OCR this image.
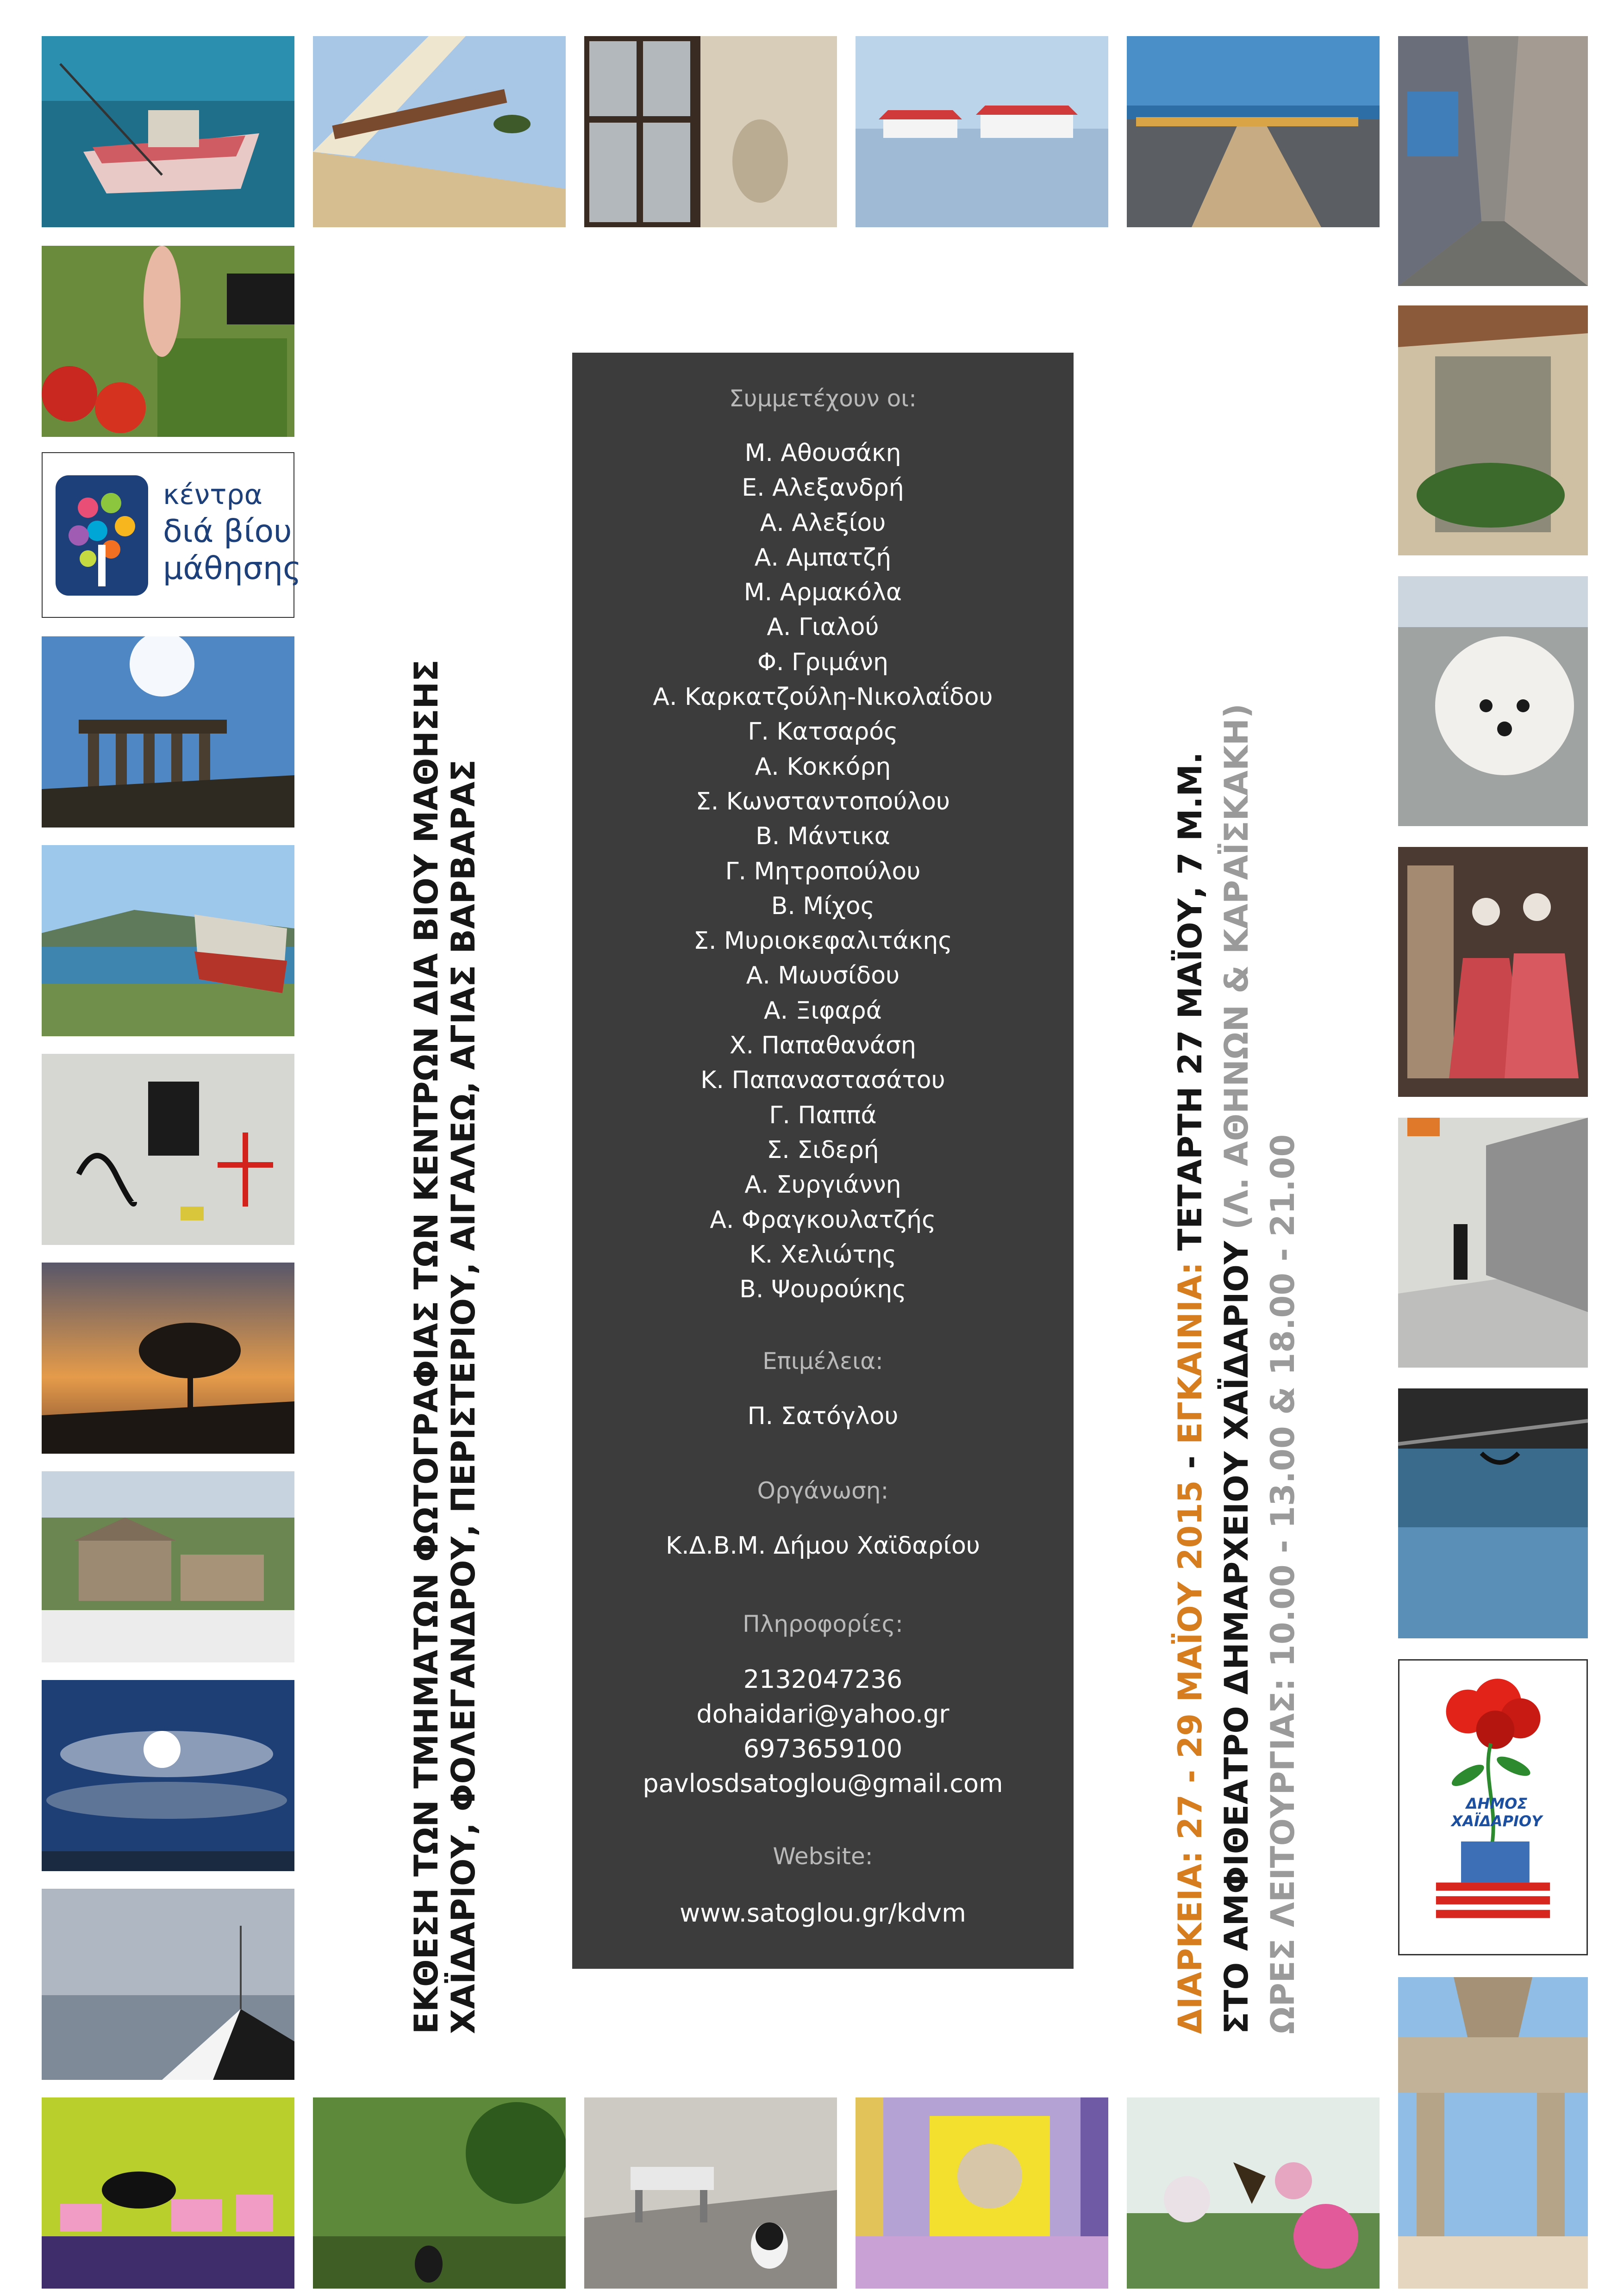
κέντρα
διά βίου
μάθησης
ΔΗΜΟΣ ΧΑΪΔΑΡΙΟΥ
ΕΚΘΕΣΗ ΤΩΝ ΤΜΗΜΑΤΩΝ ΦΩΤΟΓΡΑΦΙΑΣ ΤΩΝ ΚΕΝΤΡΩΝ ΔΙΑ ΒΙΟΥ ΜΑΘΗΣΗΣ
ΧΑΪΔΑΡΙΟΥ, ΦΟΛΕΓΑΝΔΡΟΥ, ΠΕΡΙΣΤΕΡΙΟΥ, ΑΙΓΑΛΕΩ, ΑΓΙΑΣ ΒΑΡΒΑΡΑΣ	ΔΙΑΡΚΕΙΑ: 27 - 29 ΜΑΪΟΥ 2015 - ΕΓΚΑΙΝΙΑ: ΤΕΤΑΡΤΗ 27 ΜΑΪΟΥ, 7 Μ.Μ.
ΣΤΟ ΑΜΦΙΘΕΑΤΡΟ ΔΗΜΑΡΧΕΙΟΥ ΧΑΪΔΑΡΙΟΥ (Λ. ΑΘΗΝΩΝ & ΚΑΡΑΪΣΚΑΚΗ)
ΩΡΕΣ ΛΕΙΤΟΥΡΓΙΑΣ: 10.00 - 13.00 & 18.00 - 21.00
Συμμετέχουν οι:
Μ. Αθουσάκη
Ε. Αλεξανδρή
Α. Αλεξίου
Α. Αμπατζή
Μ. Αρμακόλα
Α. Γιαλού
Φ. Γριμάνη
Α. Καρκατζούλη-Νικολαΐδου
Γ. Κατσαρός
Α. Κοκκόρη
Σ. Κωνσταντοπούλου
Β. Μάντικα
Γ. Μητροπούλου
Β. Μίχος
Σ. Μυριοκεφαλιτάκης
Α. Μωυσίδου
Α. Ξιφαρά
Χ. Παπαθανάση
Κ. Παπαναστασάτου
Γ. Παππά
Σ. Σιδερή
Α. Συργιάννη
Α. Φραγκουλατζής
Κ. Χελιώτης
Β. Ψουρούκης
Επιμέλεια:
Π. Σατόγλου
Οργάνωση:
Κ.Δ.Β.Μ. Δήμου Χαϊδαρίου
Πληροφορίες:
2132047236
dohaidari@yahoo.gr
6973659100
pavlosdsatoglou@gmail.com
Website:
www.satoglou.gr/kdvm
